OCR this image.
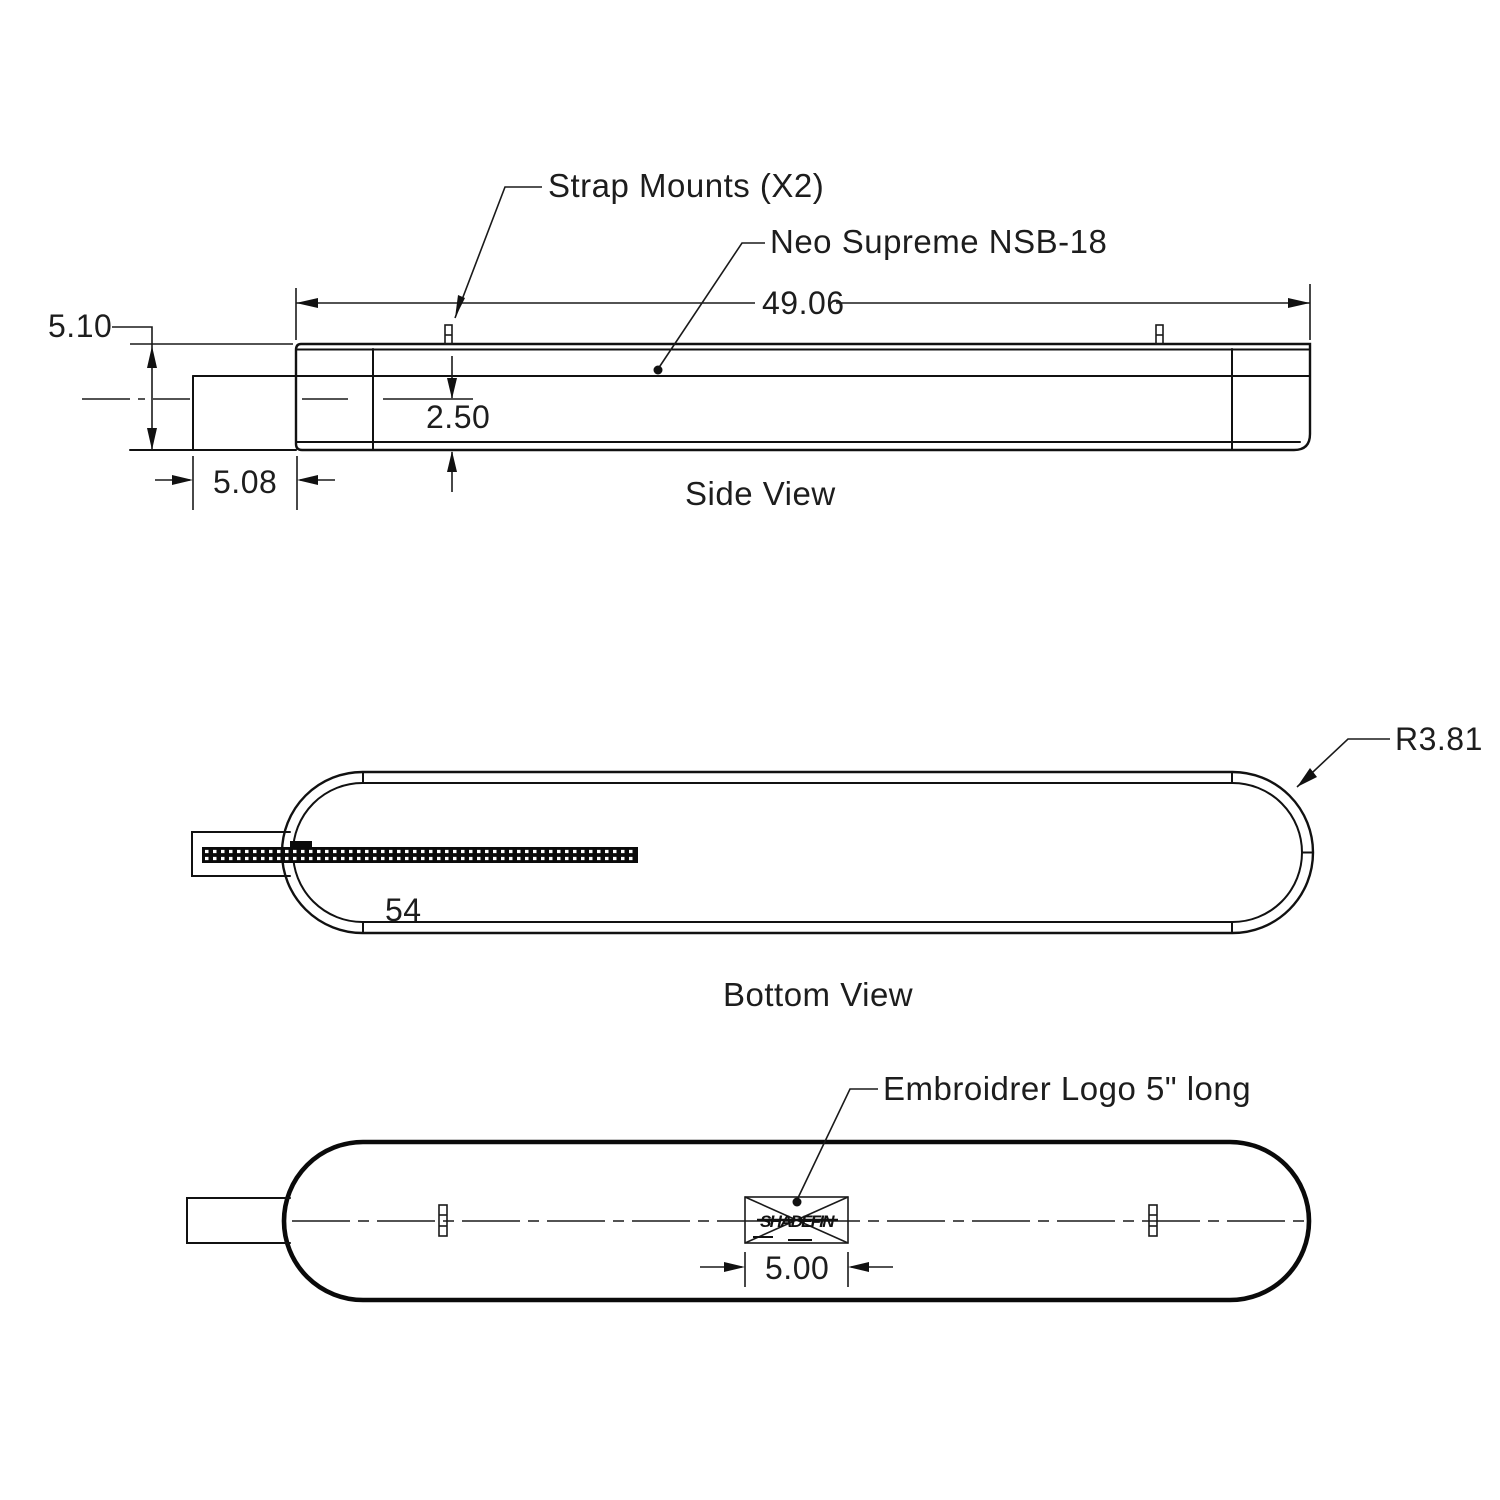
49.06
5.10
2.50
5.08
Strap Mounts (X2)
Neo Supreme NSB-18
Side View
54
R3.81
Bottom View
SHADEFIN
Embroidrer Logo 5" long
5.00
